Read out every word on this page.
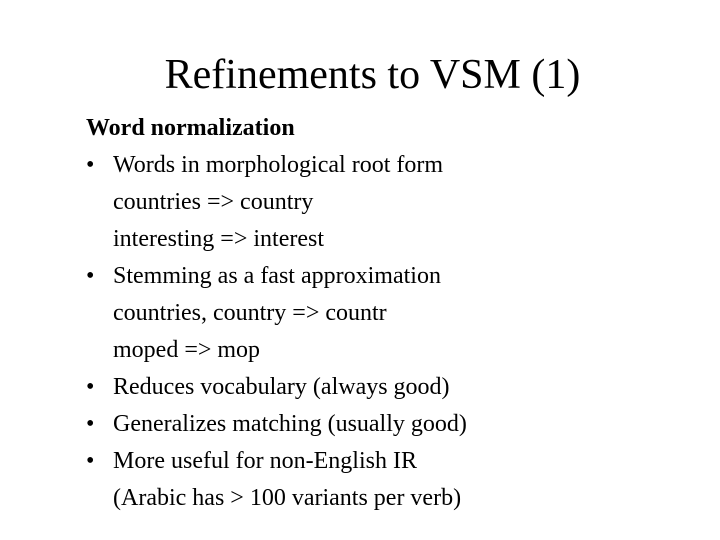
Refinements to VSM (1)
Word normalization
• Words in morphological root form
countries => country
interesting => interest
• Stemming as a fast approximation
countries, country => countr
moped => mop
• Reduces vocabulary (always good)
• Generalizes matching (usually good)
• More useful for non-English IR
(Arabic has > 100 variants per verb)
